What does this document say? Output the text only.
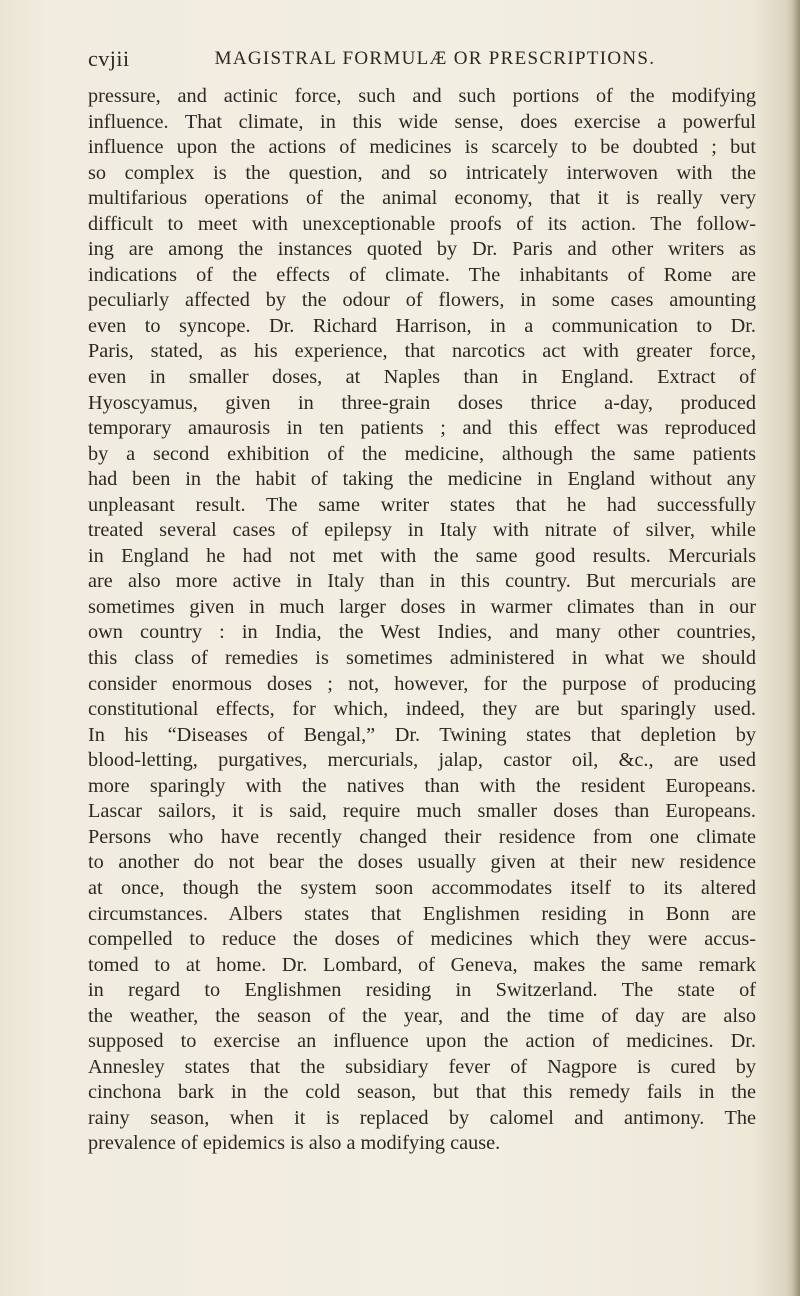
cvjii	MAGISTRAL FORMULÆ OR PRESCRIPTIONS.
pressure, and actinic force, such and such portions of the modifying
influence. That climate, in this wide sense, does exercise a powerful
influence upon the actions of medicines is scarcely to be doubted ; but
so complex is the question, and so intricately interwoven with the
multifarious operations of the animal economy, that it is really very
difficult to meet with unexceptionable proofs of its action. The follow-
ing are among the instances quoted by Dr. Paris and other writers as
indications of the effects of climate. The inhabitants of Rome are
peculiarly affected by the odour of flowers, in some cases amounting
even to syncope. Dr. Richard Harrison, in a communication to Dr.
Paris, stated, as his experience, that narcotics act with greater force,
even in smaller doses, at Naples than in England. Extract of
Hyoscyamus, given in three-grain doses thrice a-day, produced
temporary amaurosis in ten patients ; and this effect was reproduced
by a second exhibition of the medicine, although the same patients
had been in the habit of taking the medicine in England without any
unpleasant result. The same writer states that he had successfully
treated several cases of epilepsy in Italy with nitrate of silver, while
in England he had not met with the same good results. Mercurials
are also more active in Italy than in this country. But mercurials are
sometimes given in much larger doses in warmer climates than in our
own country : in India, the West Indies, and many other countries,
this class of remedies is sometimes administered in what we should
consider enormous doses ; not, however, for the purpose of producing
constitutional effects, for which, indeed, they are but sparingly used.
In his “Diseases of Bengal,” Dr. Twining states that depletion by
blood-letting, purgatives, mercurials, jalap, castor oil, &c., are used
more sparingly with the natives than with the resident Europeans.
Lascar sailors, it is said, require much smaller doses than Europeans.
Persons who have recently changed their residence from one climate
to another do not bear the doses usually given at their new residence
at once, though the system soon accommodates itself to its altered
circumstances. Albers states that Englishmen residing in Bonn are
compelled to reduce the doses of medicines which they were accus-
tomed to at home. Dr. Lombard, of Geneva, makes the same remark
in regard to Englishmen residing in Switzerland. The state of
the weather, the season of the year, and the time of day are also
supposed to exercise an influence upon the action of medicines. Dr.
Annesley states that the subsidiary fever of Nagpore is cured by
cinchona bark in the cold season, but that this remedy fails in the
rainy season, when it is replaced by calomel and antimony. The
prevalence of epidemics is also a modifying cause.
